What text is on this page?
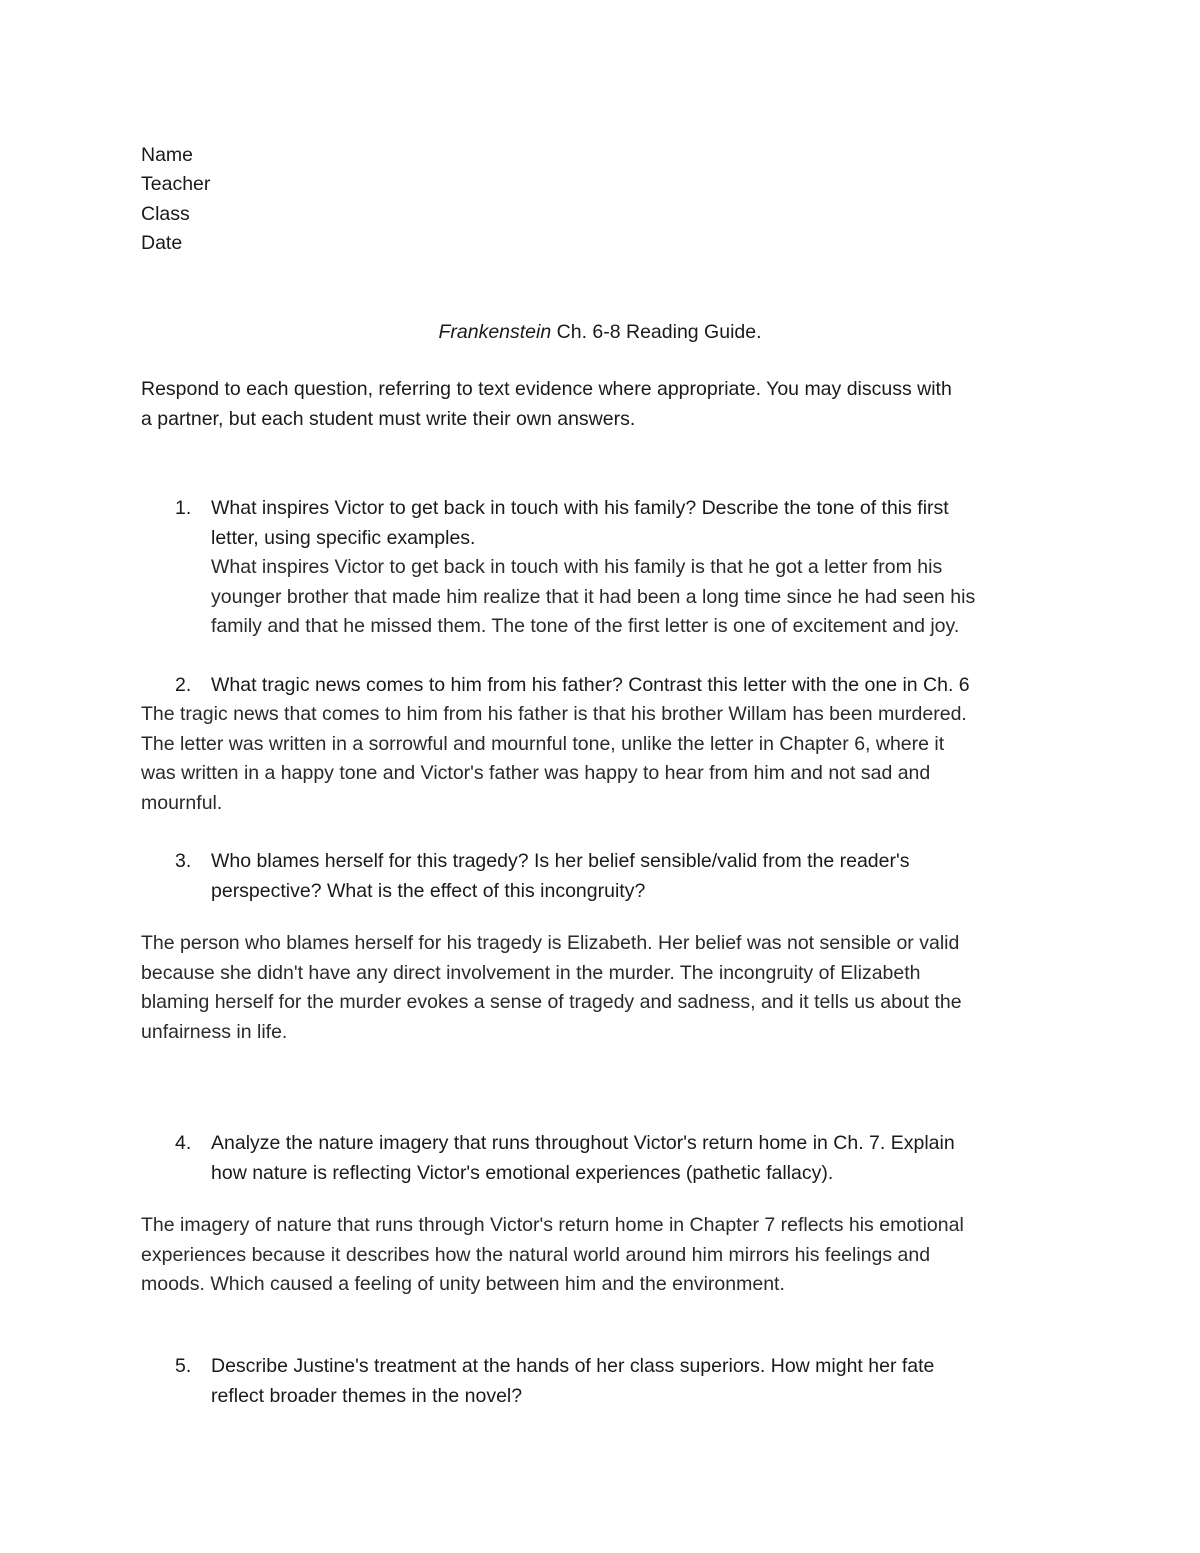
Name
Teacher
Class
Date
Frankenstein Ch. 6-8 Reading Guide.
Respond to each question, referring to text evidence where appropriate. You may discuss with
a partner, but each student must write their own answers.
1. What inspires Victor to get back in touch with his family? Describe the tone of this first
letter, using specific examples.
What inspires Victor to get back in touch with his family is that he got a letter from his
younger brother that made him realize that it had been a long time since he had seen his
family and that he missed them. The tone of the first letter is one of excitement and joy.
2. What tragic news comes to him from his father? Contrast this letter with the one in Ch. 6
The tragic news that comes to him from his father is that his brother Willam has been murdered.
The letter was written in a sorrowful and mournful tone, unlike the letter in Chapter 6, where it
was written in a happy tone and Victor's father was happy to hear from him and not sad and
mournful.
3. Who blames herself for this tragedy? Is her belief sensible/valid from the reader's
perspective? What is the effect of this incongruity?
The person who blames herself for his tragedy is Elizabeth. Her belief was not sensible or valid
because she didn't have any direct involvement in the murder. The incongruity of Elizabeth
blaming herself for the murder evokes a sense of tragedy and sadness, and it tells us about the
unfairness in life.
4. Analyze the nature imagery that runs throughout Victor's return home in Ch. 7. Explain
how nature is reflecting Victor's emotional experiences (pathetic fallacy).
The imagery of nature that runs through Victor's return home in Chapter 7 reflects his emotional
experiences because it describes how the natural world around him mirrors his feelings and
moods. Which caused a feeling of unity between him and the environment.
5. Describe Justine's treatment at the hands of her class superiors. How might her fate
reflect broader themes in the novel?
